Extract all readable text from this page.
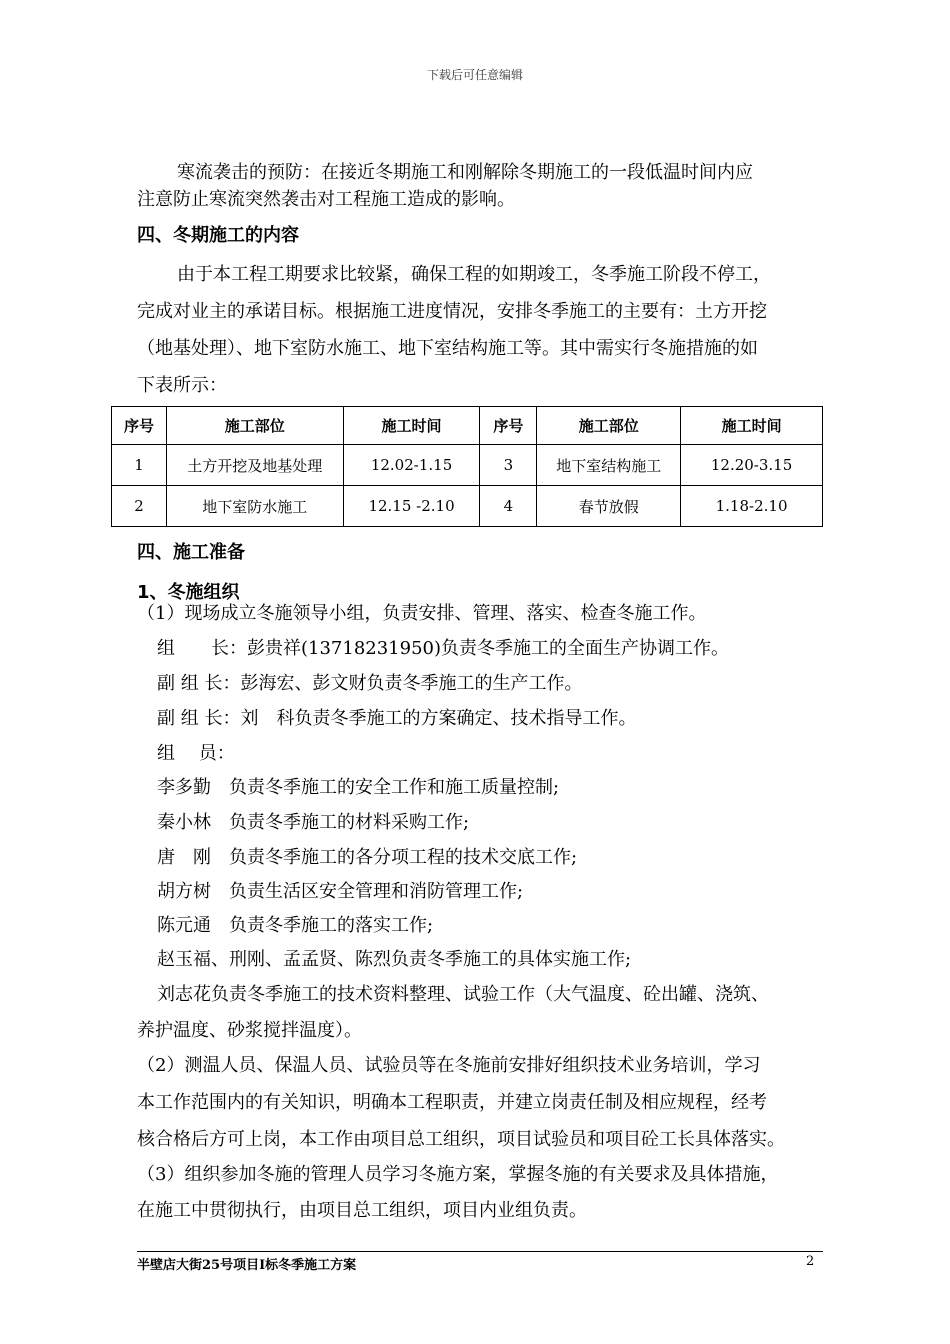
下载后可任意编辑
寒流袭击的预防：在接近冬期施工和刚解除冬期施工的一段低温时间内应
注意防止寒流突然袭击对工程施工造成的影响。
四、冬期施工的内容
由于本工程工期要求比较紧，确保工程的如期竣工，冬季施工阶段不停工，
完成对业主的承诺目标。根据施工进度情况，安排冬季施工的主要有：土方开挖
（地基处理）、地下室防水施工、地下室结构施工等。其中需实行冬施措施的如
下表所示：
序号	施工部位	施工时间	序号	施工部位	施工时间
1	土方开挖及地基处理	12.02-1.15	3	地下室结构施工	12.20-3.15
2	地下室防水施工	12.15 -2.10	4	春节放假	1.18-2.10
四、施工准备
1、冬施组织
（1）现场成立冬施领导小组，负责安排、管理、落实、检查冬施工作。
组　　长：彭贵祥(13718231950)负责冬季施工的全面生产协调工作。
副 组 长：彭海宏、彭文财负责冬季施工的生产工作。
副 组 长：刘　科负责冬季施工的方案确定、技术指导工作。
组　 员：
李多勤　负责冬季施工的安全工作和施工质量控制;
秦小林　负责冬季施工的材料采购工作;
唐　刚　负责冬季施工的各分项工程的技术交底工作;
胡方树　负责生活区安全管理和消防管理工作;
陈元通　负责冬季施工的落实工作;
赵玉福、刑刚、孟孟贤、陈烈负责冬季施工的具体实施工作;
刘志花负责冬季施工的技术资料整理、试验工作（大气温度、砼出罐、浇筑、
养护温度、砂浆搅拌温度）。
（2）测温人员、保温人员、试验员等在冬施前安排好组织技术业务培训，学习
本工作范围内的有关知识，明确本工程职责，并建立岗责任制及相应规程，经考
核合格后方可上岗，本工作由项目总工组织，项目试验员和项目砼工长具体落实。
（3）组织参加冬施的管理人员学习冬施方案，掌握冬施的有关要求及具体措施，
在施工中贯彻执行，由项目总工组织，项目内业组负责。
半壁店大街25号项目Ⅰ标冬季施工方案	2
